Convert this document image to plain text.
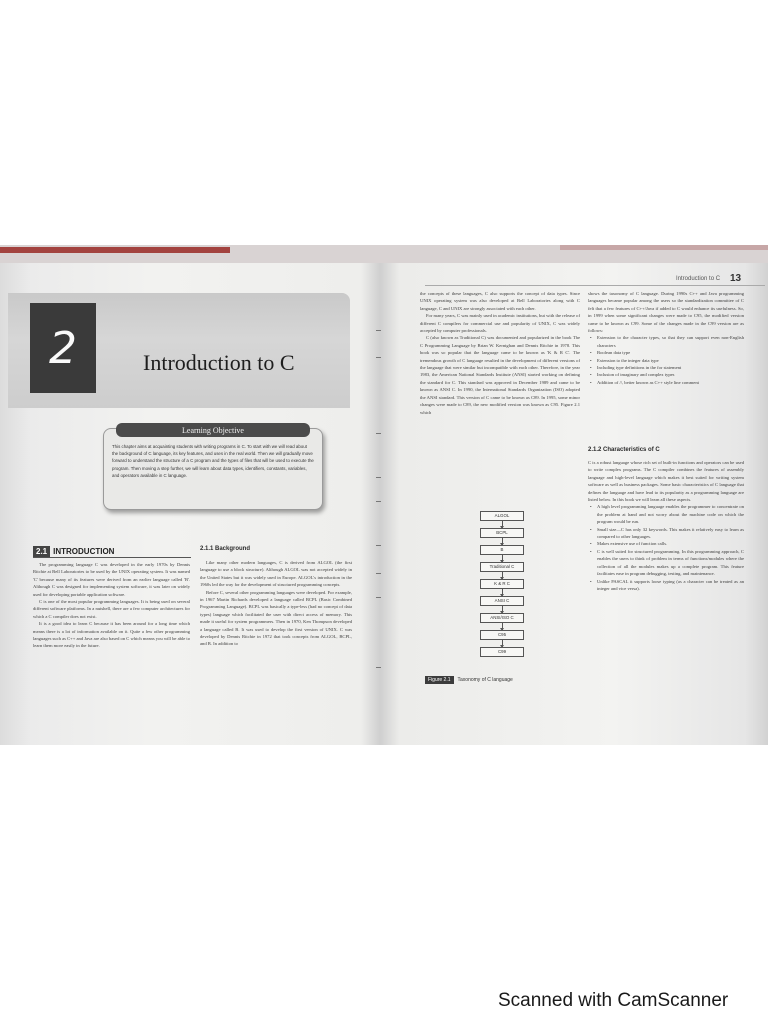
2	Introduction to C
Learning Objective
This chapter aims at acquainting students with writing programs in C. To start with we will read about the background of C language, its key features, and uses in the real world. Then we will gradually move forward to understand the structure of a C program and the types of files that will be used to execute the program. Then moving a step further, we will learn about data types, identifiers, constants, variables, and operators available in C language.
2.1 INTRODUCTION

The programming language C was developed in the early 1970s by Dennis Ritchie at Bell Laboratories to be used by the UNIX operating system. It was named 'C' because many of its features were derived from an earlier language called 'B'. Although C was designed for implementing system software, it was later on widely used for developing portable application software.

C is one of the most popular programming languages. It is being used on several different software platforms. In a nutshell, there are a few computer architectures for which a C compiler does not exist.

It is a good idea to learn C because it has been around for a long time which means there is a lot of information available on it. Quite a few other programming languages such as C++ and Java are also based on C which means you will be able to learn them more easily in the future.

2.1.1 Background

Like many other modern languages, C is derived from ALGOL (the first language to use a block structure). Although ALGOL was not accepted widely in the United States but it was widely used in Europe. ALGOL's introduction in the 1960s led the way for the development of structured programming concepts.

Before C, several other programming languages were developed. For example, in 1967 Martin Richards developed a language called BCPL (Basic Combined Programming Language). BCPL was basically a type-less (had no concept of data types) language which facilitated the user with direct access of memory. This made it useful for system programmers. Then in 1970, Ken Thompson developed a language called B. It was used to develop the first version of UNIX. C was developed by Dennis Ritchie in 1972 that took concepts from ALGOL, BCPL, and B. In addition to

Introduction to C 13

the concepts of these languages, C also supports the concept of data types. Since UNIX operating system was also developed at Bell Laboratories along with C language, C and UNIX are strongly associated with each other.

For many years, C was mainly used in academic institutions, but with the release of different C compilers for commercial use and popularity of UNIX, C was widely accepted by computer professionals.

C (also known as Traditional C) was documented and popularized in the book The C Programming Language by Brian W. Kernighan and Dennis Ritchie in 1978. This book was so popular that the language came to be known as 'K & R C'. The tremendous growth of C language resulted in the development of different versions of the language that were similar but incompatible with each other. Therefore, in the year 1983, the American National Standards Institute (ANSI) started working on defining the standard for C. This standard was approved in December 1989 and came to be known as ANSI C. In 1990, the International Standards Organization (ISO) adopted the ANSI standard. This version of C came to be known as C89. In 1995, some minor changes were made to C89, the new modified version was known as C95. Figure 2.1 which

ALGOL
BCPL
B
Traditional C
K & R C
ANSI C
ANSI/ISO C
C95
C99
Figure 2.1	Taxonomy of C language

shows the taxonomy of C language. During 1990s C++ and Java programming languages became popular among the users so the standardization committee of C felt that a few features of C++/Java if added to C would enhance its usefulness. So, in 1999 when some significant changes were made to C95, the modified version came to be known as C99. Some of the changes made in the C99 version are as follows:

• Extension to the character types, so that they can support even non-English characters
• Boolean data type
• Extension to the integer data type
• Including type definitions in the for statement
• Inclusion of imaginary and complex types
• Addition of //, better known as C++ style line comment
2.1.2 Characteristics of C

C is a robust language whose rich set of built-in functions and operators can be used to write complex programs. The C compiler combines the features of assembly language and high-level language which makes it best suited for writing system software as well as business packages. Some basic characteristics of C language that defines the language and have lead to its popularity as a programming language are listed below. In this book we will learn all these aspects.

• A high level programming language enables the programmer to concentrate on the problem at hand and not worry about the machine code on which the program would be run.
• Small size—C has only 32 keywords. This makes it relatively easy to learn as compared to other languages.
• Makes extensive use of function calls.
• C is well suited for structured programming. In this programming approach, C enables the users to think of problem in terms of functions/modules where the collection of all the modules makes up a complete program. This feature facilitates ease in program debugging, testing, and maintenance.
• Unlike PASCAL it supports loose typing (as a character can be treated as an integer and vice versa).
Scanned with CamScanner
